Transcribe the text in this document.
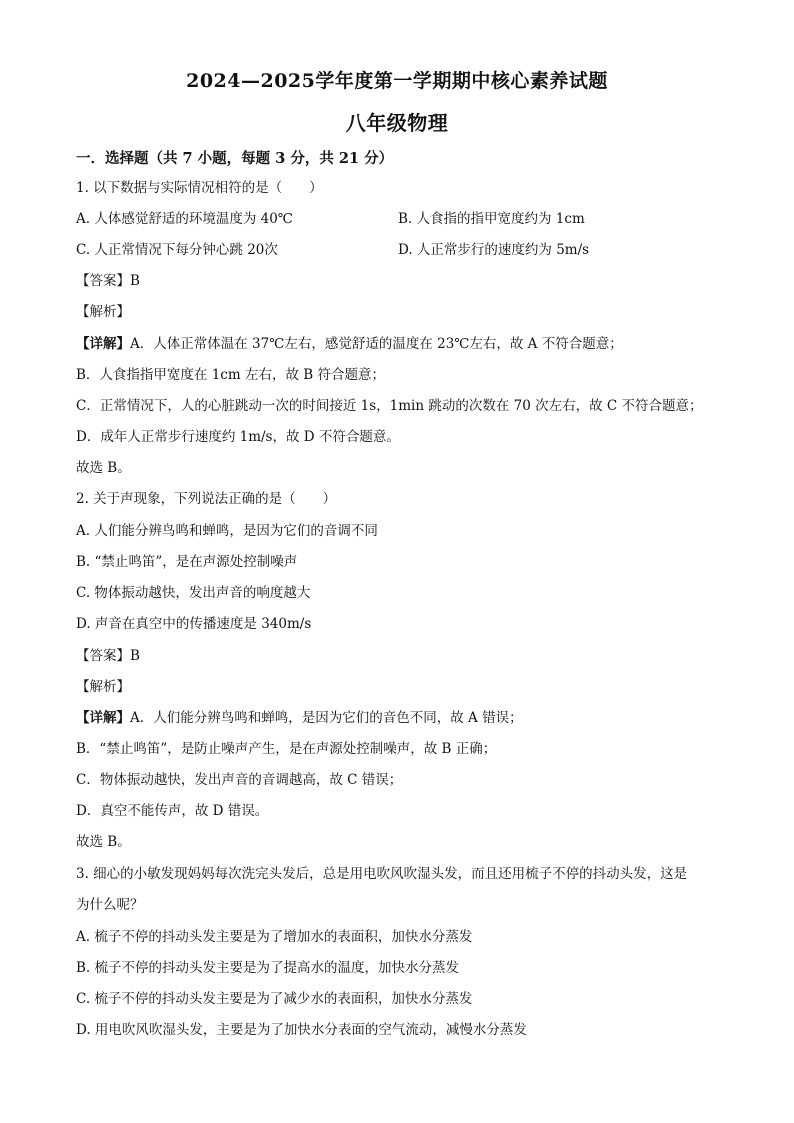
2024—2025学年度第一学期期中核心素养试题
八年级物理
一．选择题（共 7 小题，每题 3 分，共 21 分）
1. 以下数据与实际情况相符的是（　　）
A. 人体感觉舒适的环境温度为 40℃	B. 人食指的指甲宽度约为 1cm
C. 人正常情况下每分钟心跳 20次	D. 人正常步行的速度约为 5m/s
【答案】B
【解析】
【详解】A．人体正常体温在 37℃左右，感觉舒适的温度在 23℃左右，故 A 不符合题意；
B．人食指指甲宽度在 1cm 左右，故 B 符合题意；
C．正常情况下，人的心脏跳动一次的时间接近 1s，1min 跳动的次数在 70 次左右，故 C 不符合题意；
D．成年人正常步行速度约 1m/s，故 D 不符合题意。
故选 B。
2. 关于声现象，下列说法正确的是（　　）
A. 人们能分辨鸟鸣和蝉鸣，是因为它们的音调不同
B. “禁止鸣笛”，是在声源处控制噪声
C. 物体振动越快，发出声音的响度越大
D. 声音在真空中的传播速度是 340m/s
【答案】B
【解析】
【详解】A．人们能分辨鸟鸣和蝉鸣，是因为它们的音色不同，故 A 错误；
B．“禁止鸣笛”，是防止噪声产生，是在声源处控制噪声，故 B 正确；
C．物体振动越快，发出声音的音调越高，故 C 错误；
D．真空不能传声，故 D 错误。
故选 B。
3. 细心的小敏发现妈妈每次洗完头发后，总是用电吹风吹湿头发，而且还用梳子不停的抖动头发，这是
为什么呢？
A. 梳子不停的抖动头发主要是为了增加水的表面积，加快水分蒸发
B. 梳子不停的抖动头发主要是为了提高水的温度，加快水分蒸发
C. 梳子不停的抖动头发主要是为了减少水的表面积，加快水分蒸发
D. 用电吹风吹湿头发，主要是为了加快水分表面的空气流动，减慢水分蒸发
